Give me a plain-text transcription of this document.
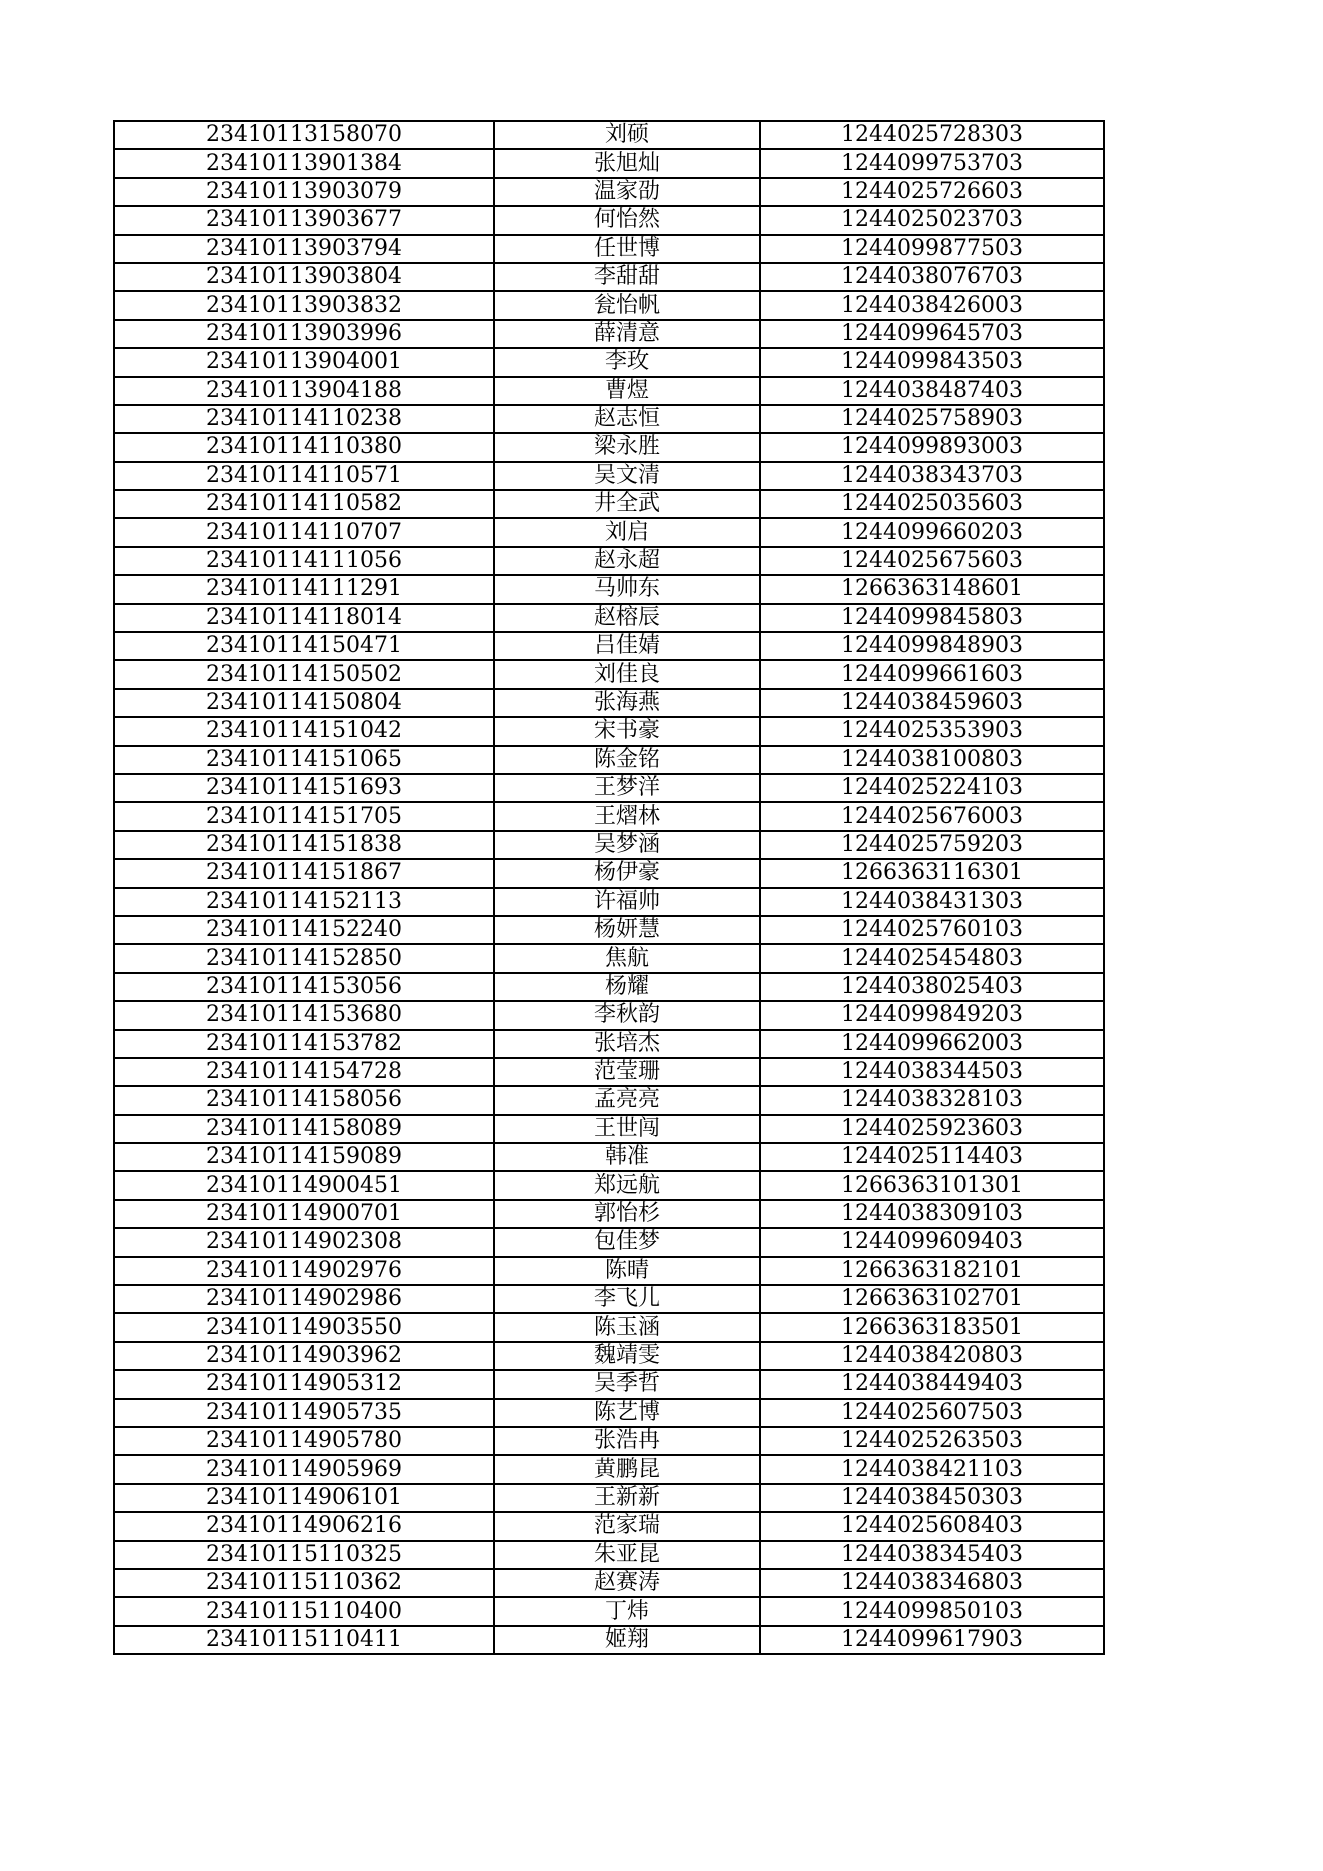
23410113158070	刘硕	1244025728303
23410113901384	张旭灿	1244099753703
23410113903079	温家劭	1244025726603
23410113903677	何怡然	1244025023703
23410113903794	任世博	1244099877503
23410113903804	李甜甜	1244038076703
23410113903832	瓮怡帆	1244038426003
23410113903996	薛清意	1244099645703
23410113904001	李玫	1244099843503
23410113904188	曹煜	1244038487403
23410114110238	赵志恒	1244025758903
23410114110380	梁永胜	1244099893003
23410114110571	吴文清	1244038343703
23410114110582	井全武	1244025035603
23410114110707	刘启	1244099660203
23410114111056	赵永超	1244025675603
23410114111291	马帅东	1266363148601
23410114118014	赵榕辰	1244099845803
23410114150471	吕佳婧	1244099848903
23410114150502	刘佳良	1244099661603
23410114150804	张海燕	1244038459603
23410114151042	宋书豪	1244025353903
23410114151065	陈金铭	1244038100803
23410114151693	王梦洋	1244025224103
23410114151705	王熠林	1244025676003
23410114151838	吴梦涵	1244025759203
23410114151867	杨伊豪	1266363116301
23410114152113	许福帅	1244038431303
23410114152240	杨妍慧	1244025760103
23410114152850	焦航	1244025454803
23410114153056	杨耀	1244038025403
23410114153680	李秋韵	1244099849203
23410114153782	张培杰	1244099662003
23410114154728	范莹珊	1244038344503
23410114158056	孟亮亮	1244038328103
23410114158089	王世闯	1244025923603
23410114159089	韩准	1244025114403
23410114900451	郑远航	1266363101301
23410114900701	郭怡杉	1244038309103
23410114902308	包佳梦	1244099609403
23410114902976	陈晴	1266363182101
23410114902986	李飞儿	1266363102701
23410114903550	陈玉涵	1266363183501
23410114903962	魏靖雯	1244038420803
23410114905312	吴季哲	1244038449403
23410114905735	陈艺博	1244025607503
23410114905780	张浩冉	1244025263503
23410114905969	黄鹏昆	1244038421103
23410114906101	王新新	1244038450303
23410114906216	范家瑞	1244025608403
23410115110325	朱亚昆	1244038345403
23410115110362	赵赛涛	1244038346803
23410115110400	丁炜	1244099850103
23410115110411	姬翔	1244099617903
